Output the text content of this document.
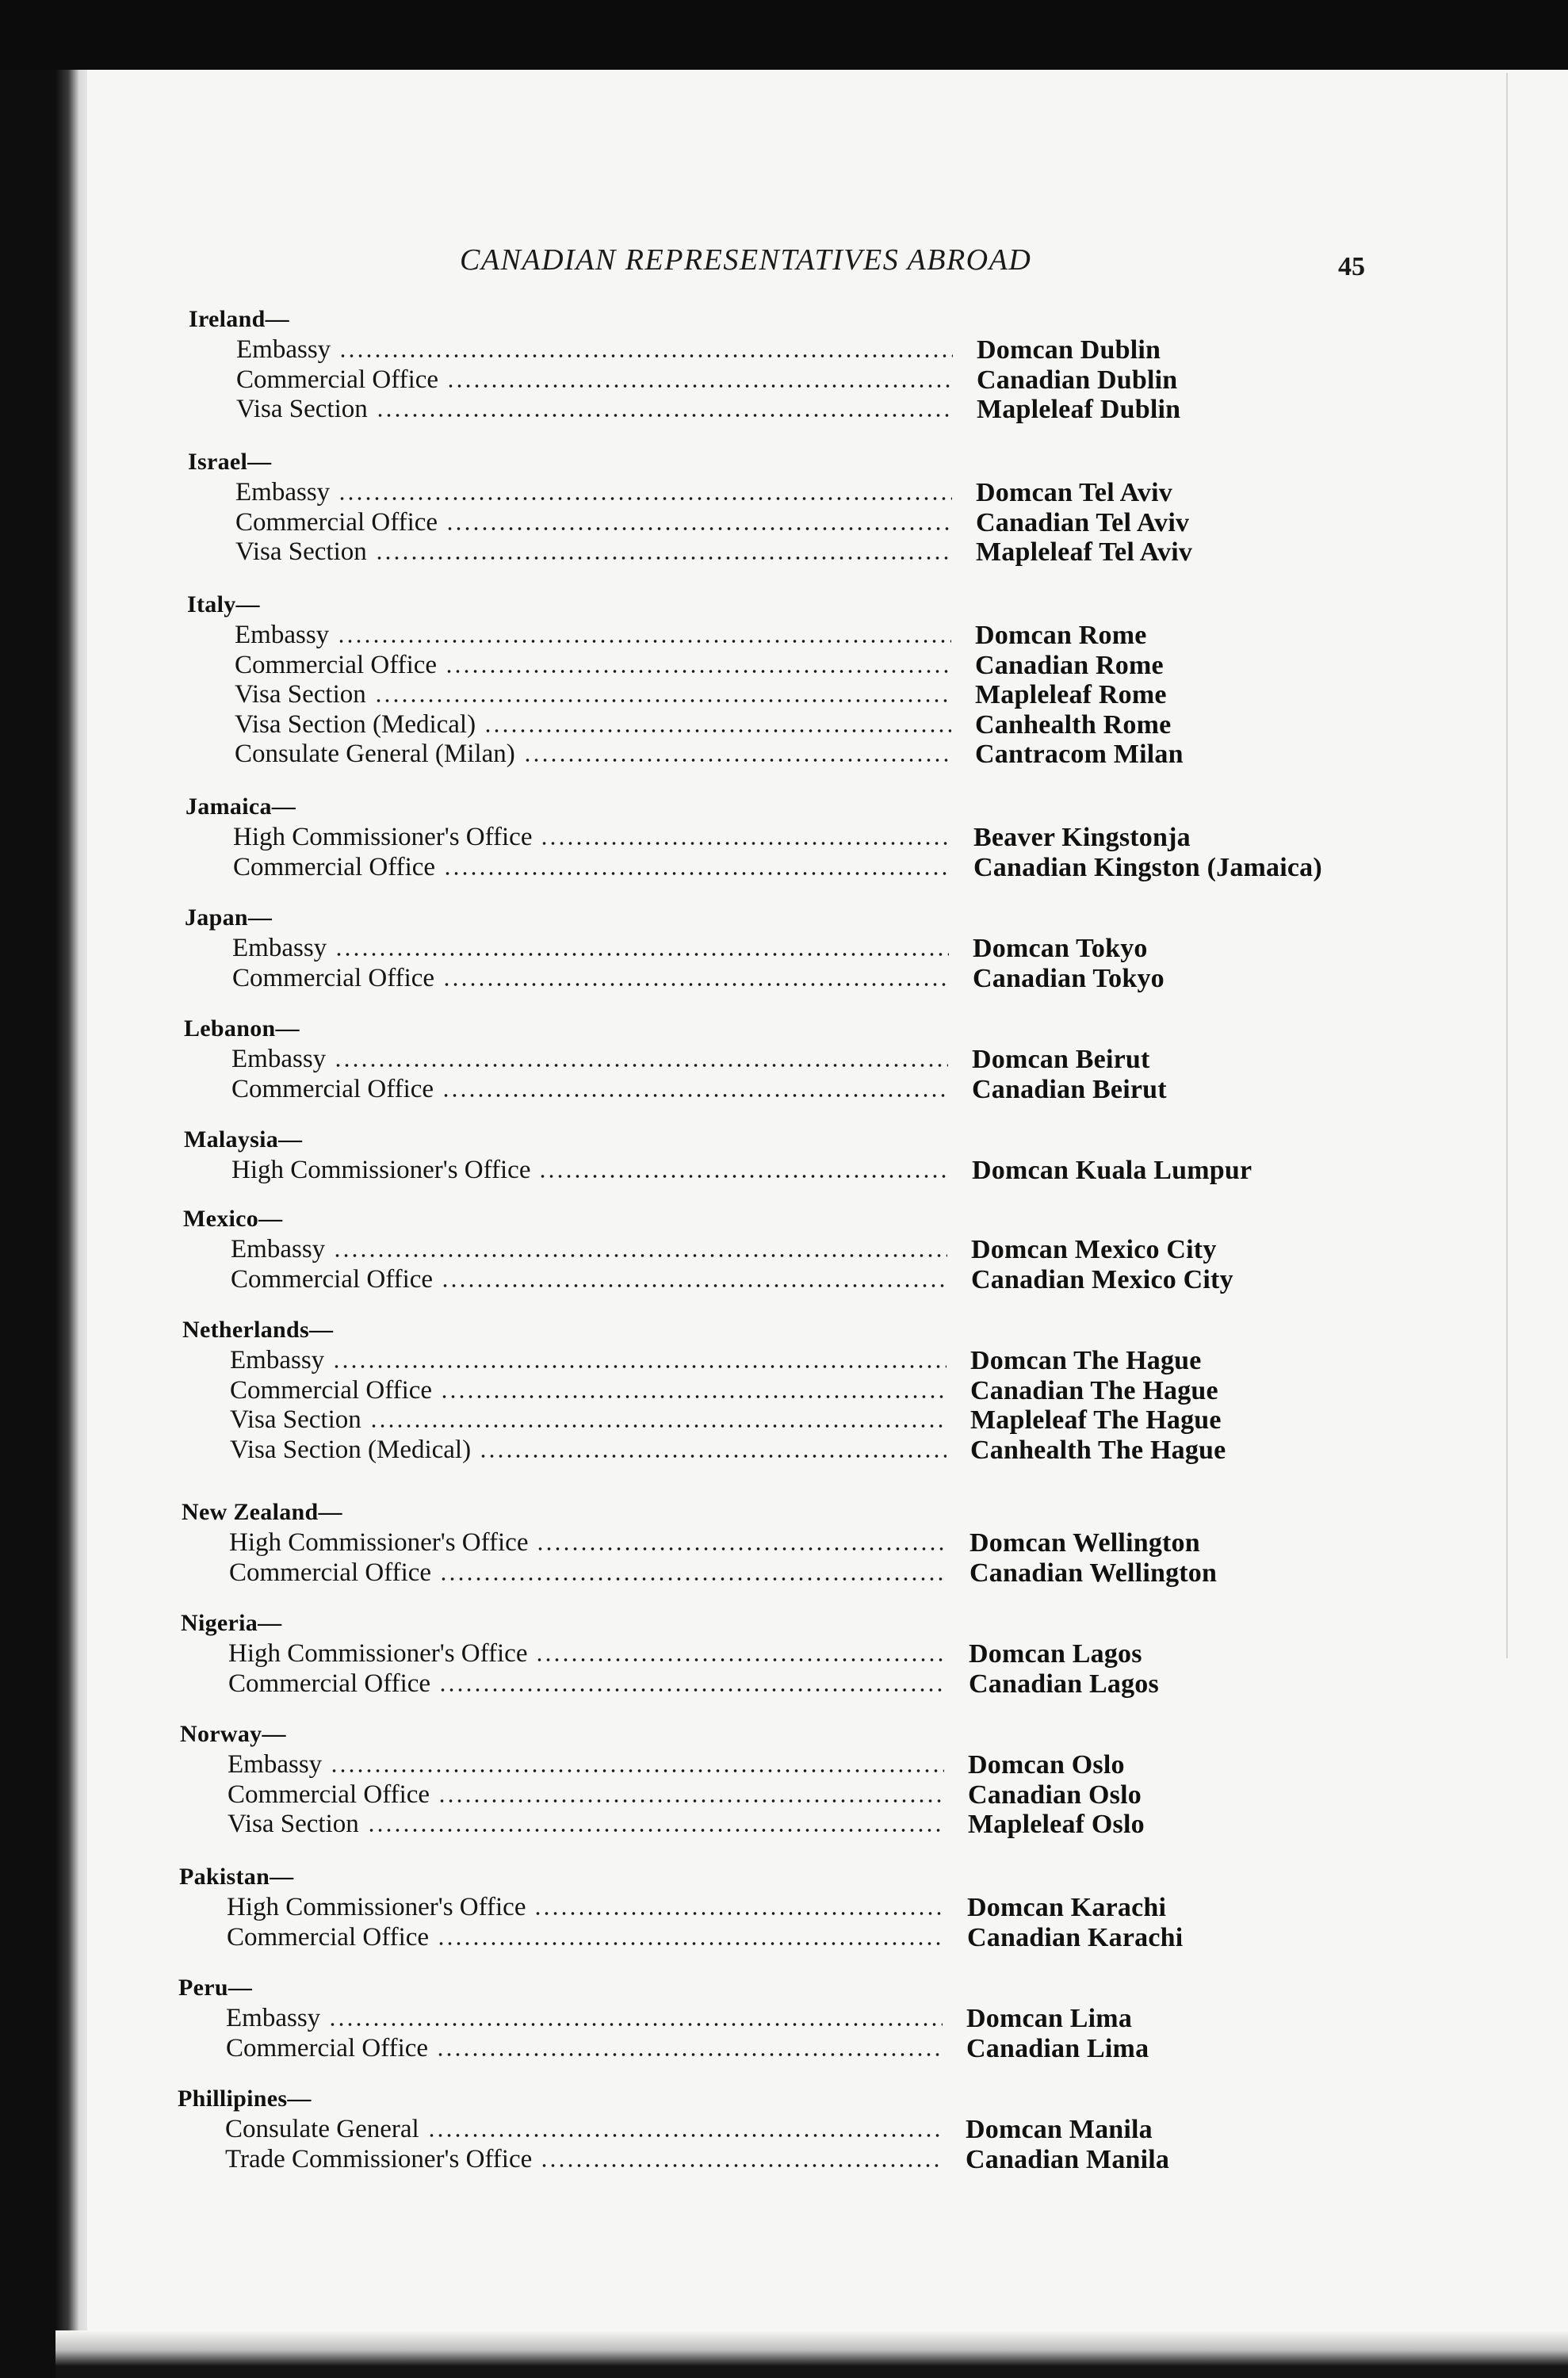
CANADIAN REPRESENTATIVES ABROAD	45
Ireland—
Embassy	Domcan Dublin
Commercial Office	Canadian Dublin
Visa Section	Mapleleaf Dublin
Israel—
Embassy	Domcan Tel Aviv
Commercial Office	Canadian Tel Aviv
Visa Section	Mapleleaf Tel Aviv
Italy—
Embassy	Domcan Rome
Commercial Office	Canadian Rome
Visa Section	Mapleleaf Rome
Visa Section (Medical)	Canhealth Rome
Consulate General (Milan)	Cantracom Milan
Jamaica—
High Commissioner's Office	Beaver Kingstonja
Commercial Office	Canadian Kingston (Jamaica)
Japan—
Embassy	Domcan Tokyo
Commercial Office	Canadian Tokyo
Lebanon—
Embassy	Domcan Beirut
Commercial Office	Canadian Beirut
Malaysia—
High Commissioner's Office	Domcan Kuala Lumpur
Mexico—
Embassy	Domcan Mexico City
Commercial Office	Canadian Mexico City
Netherlands—
Embassy	Domcan The Hague
Commercial Office	Canadian The Hague
Visa Section	Mapleleaf The Hague
Visa Section (Medical)	Canhealth The Hague
New Zealand—
High Commissioner's Office	Domcan Wellington
Commercial Office	Canadian Wellington
Nigeria—
High Commissioner's Office	Domcan Lagos
Commercial Office	Canadian Lagos
Norway—
Embassy	Domcan Oslo
Commercial Office	Canadian Oslo
Visa Section	Mapleleaf Oslo
Pakistan—
High Commissioner's Office	Domcan Karachi
Commercial Office	Canadian Karachi
Peru—
Embassy	Domcan Lima
Commercial Office	Canadian Lima
Phillipines—
Consulate General	Domcan Manila
Trade Commissioner's Office	Canadian Manila
